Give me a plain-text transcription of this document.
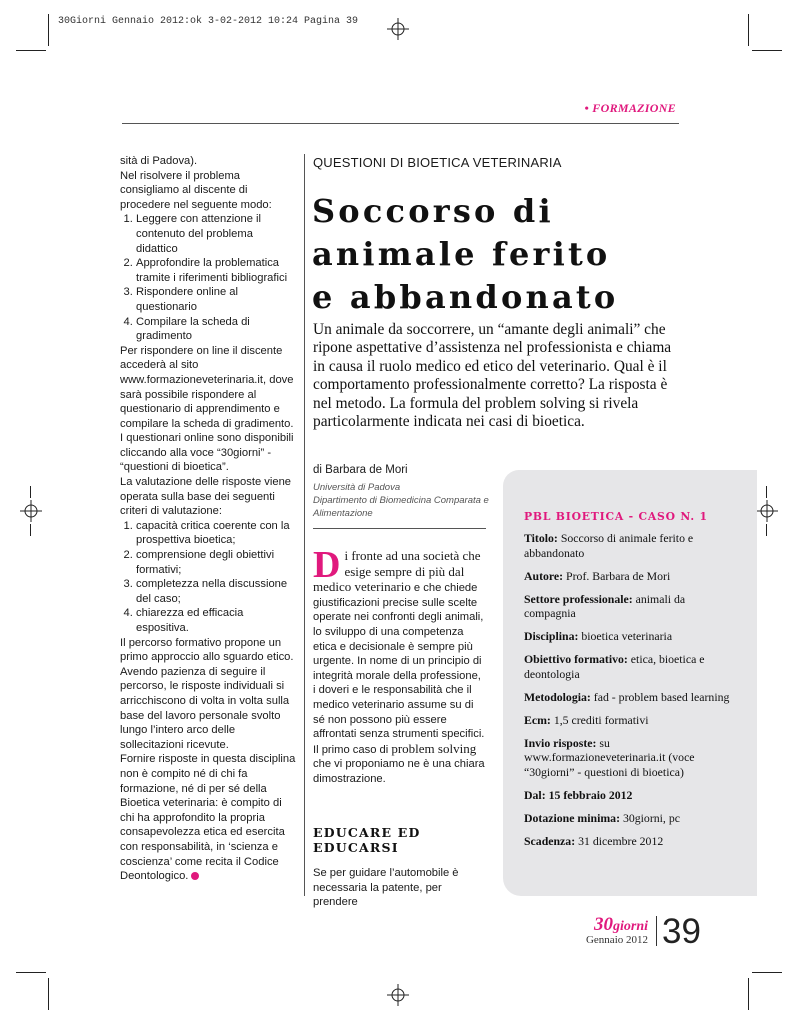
30Giorni Gennaio 2012:ok 3-02-2012 10:24 Pagina 39
• FORMAZIONE

sità di Padova).

Nel risolvere il problema consigliamo al discente di procedere nel seguente modo:

1. Leggere con attenzione il contenuto del problema didattico
2. Approfondire la problematica tramite i riferimenti bibliografici
3. Rispondere online al questionario
4. Compilare la scheda di gradimento

Per rispondere on line il discente accederà al sito www.formazioneveterinaria.it, dove sarà possibile rispondere al questionario di apprendimento e compilare la scheda di gradimento. I questionari online sono disponibili cliccando alla voce “30giorni” - “questioni di bioetica”.

La valutazione delle risposte viene operata sulla base dei seguenti criteri di valutazione:

1. capacità critica coerente con la prospettiva bioetica;
2. comprensione degli obiettivi formativi;
3. completezza nella discussione del caso;
4. chiarezza ed efficacia espositiva.

Il percorso formativo propone un primo approccio allo sguardo etico. Avendo pazienza di seguire il percorso, le risposte individuali si arricchiscono di volta in volta sulla base del lavoro personale svolto lungo l’intero arco delle sollecitazioni ricevute.

Fornire risposte in questa disciplina non è compito né di chi fa formazione, né di per sé della Bioetica veterinaria: è compito di chi ha approfondito la propria consapevolezza etica ed esercita con responsabilità, in ‘scienza e coscienza’ come recita il Codice Deontologico.

QUESTIONI DI BIOETICA VETERINARIA
Soccorso di
animale ferito
e abbandonato
Un animale da soccorrere, un “amante degli animali” che ripone aspettative d’assistenza nel professionista e chiama in causa il ruolo medico ed etico del veterinario. Qual è il comportamento professionalmente corretto? La risposta è nel metodo. La formula del problem solving si rivela particolarmente indicata nei casi di bioetica.
di Barbara de Mori
Università di Padova
Dipartimento di Biomedicina Comparata e Alimentazione
Di fronte ad una società che esige sempre di più dal medico veterinario e che chiede giustificazioni precise sulle scelte operate nei confronti degli animali, lo sviluppo di una competenza etica e decisionale è sempre più urgente. In nome di un principio di integrità morale della professione, i doveri e le responsabilità che il medico veterinario assume su di sé non possono più essere affrontati senza strumenti specifici. Il primo caso di problem solving che vi proponiamo ne è una chiara dimostrazione.
EDUCARE ED
EDUCARSI
Se per guidare l’automobile è necessaria la patente, per prendere
PBL BIOETICA - CASO N. 1
Titolo: Soccorso di animale ferito e abbandonato
Autore: Prof. Barbara de Mori
Settore professionale: animali da compagnia
Disciplina: bioetica veterinaria
Obiettivo formativo: etica, bioetica e deontologia
Metodologia: fad - problem based learning
Ecm: 1,5 crediti formativi
Invio risposte: su www.formazioneveterinaria.it (voce “30giorni” - questioni di bioetica)
Dal: 15 febbraio 2012
Dotazione minima: 30giorni, pc
Scadenza: 31 dicembre 2012
30giorni
Gennaio 2012 39
